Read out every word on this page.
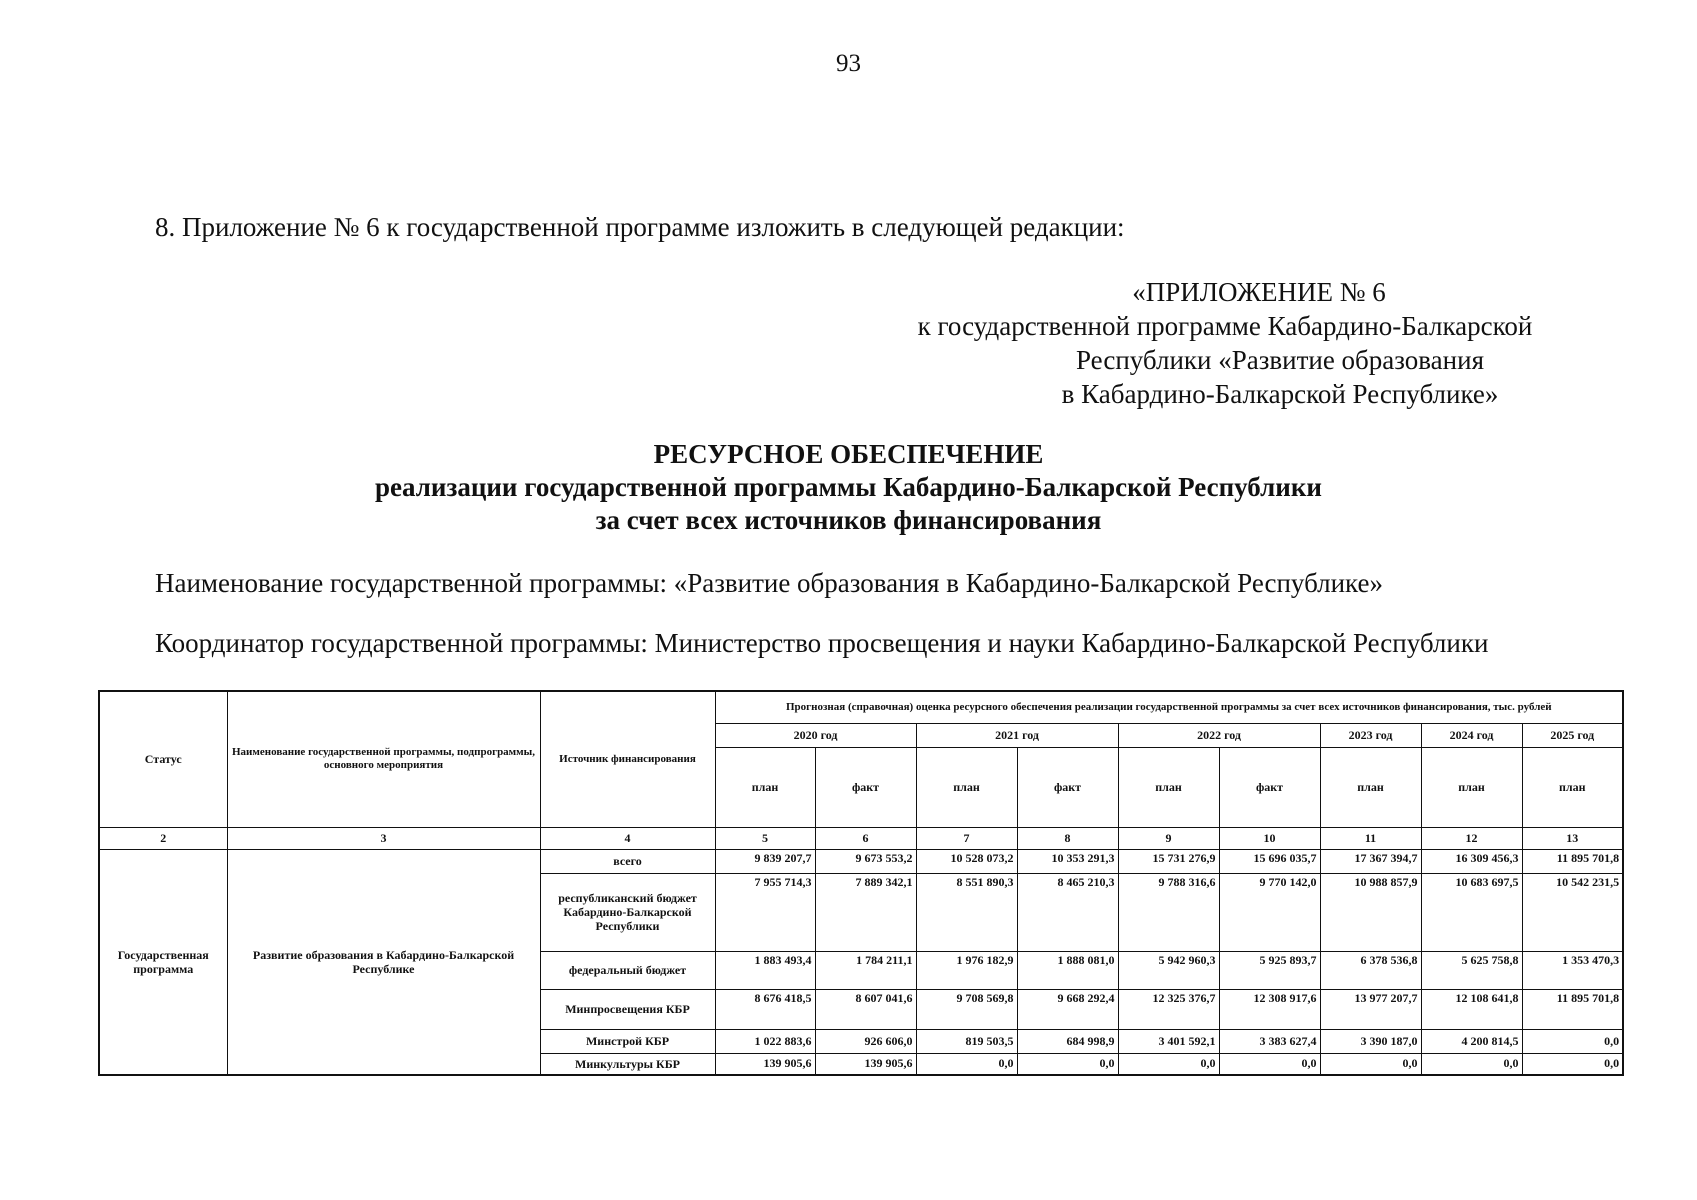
93
8. Приложение № 6 к государственной программе изложить в следующей редакции:
«ПРИЛОЖЕНИЕ № 6
к государственной программе Кабардино-Балкарской
Республики «Развитие образования
в Кабардино-Балкарской Республике»
РЕСУРСНОЕ ОБЕСПЕЧЕНИЕ
реализации государственной программы Кабардино-Балкарской Республики
за счет всех источников финансирования
Наименование государственной программы: «Развитие образования в Кабардино-Балкарской Республике»
Координатор государственной программы: Министерство просвещения и науки Кабардино-Балкарской Республики
Статус	Наименование государственной программы, подпрограммы, основного мероприятия	Источник финансирования	Прогнозная (справочная) оценка ресурсного обеспечения реализации государственной программы за счет всех источников финансирования, тыс. рублей								
			2020 год		2021 год		2022 год		2023 год	2024 год	2025 год
			план	факт	план	факт	план	факт	план	план	план
2	3	4	5	6	7	8	9	10	11	12	13
Государственная программа	Развитие образования в Кабардино-Балкарской Республике	всего	9 839 207,7	9 673 553,2	10 528 073,2	10 353 291,3	15 731 276,9	15 696 035,7	17 367 394,7	16 309 456,3	11 895 701,8
		республиканский бюджет Кабардино-Балкарской Республики	7 955 714,3	7 889 342,1	8 551 890,3	8 465 210,3	9 788 316,6	9 770 142,0	10 988 857,9	10 683 697,5	10 542 231,5
		федеральный бюджет	1 883 493,4	1 784 211,1	1 976 182,9	1 888 081,0	5 942 960,3	5 925 893,7	6 378 536,8	5 625 758,8	1 353 470,3
		Минпросвещения КБР	8 676 418,5	8 607 041,6	9 708 569,8	9 668 292,4	12 325 376,7	12 308 917,6	13 977 207,7	12 108 641,8	11 895 701,8
		Минстрой КБР	1 022 883,6	926 606,0	819 503,5	684 998,9	3 401 592,1	3 383 627,4	3 390 187,0	4 200 814,5	0,0
		Минкультуры КБР	139 905,6	139 905,6	0,0	0,0	0,0	0,0	0,0	0,0	0,0
